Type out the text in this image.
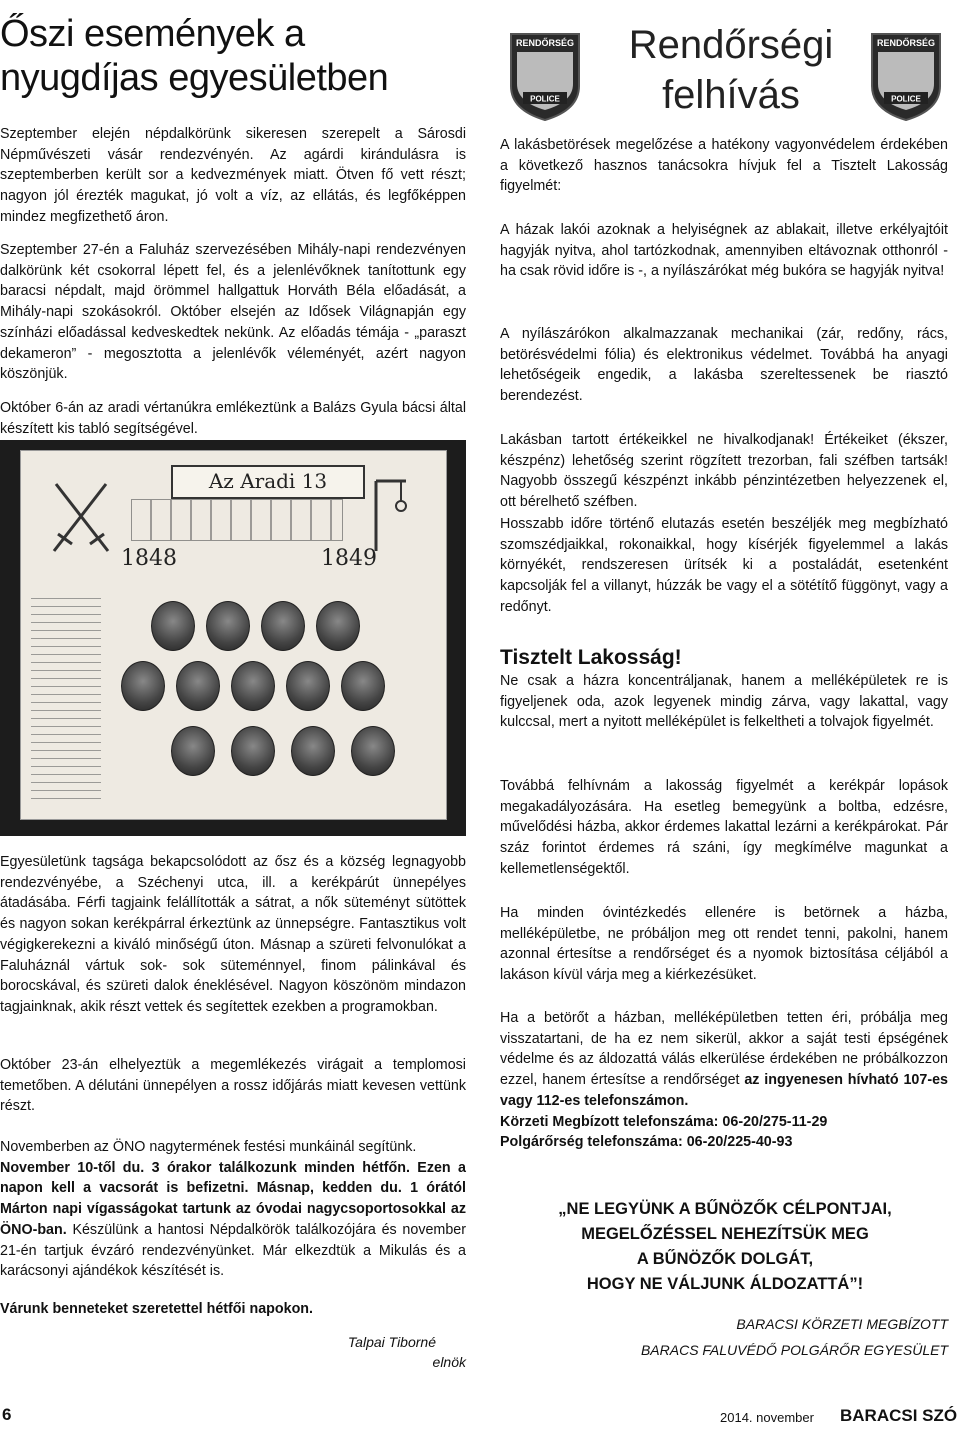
Őszi események a nyugdíjas egyesületben

Szeptember elején népdalkörünk sikeresen szerepelt a Sárosdi Népművészeti vásár rendezvényén. Az agárdi kirándulásra is szeptemberben került sor a kedvezmények miatt. Ötven fő vett részt; nagyon jól érezték magukat, jó volt a víz, az ellátás, és legfőképpen mindez megfizethető áron.

Szeptember 27-én a Faluház szervezésében Mihály-napi rendezvényen dalkörünk két csokorral lépett fel, és a jelenlévőknek tanítottunk egy baracsi népdalt, majd örömmel hallgattuk Horváth Béla előadását, a Mihály-napi szokásokról. Október elsején az Idősek Világnapján egy színházi előadással kedveskedtek nekünk. Az előadás témája - „paraszt dekameron” - megosztotta a jelenlévők véleményét, azért nagyon köszönjük.

Október 6-án az aradi vértanúkra emlékeztünk a Balázs Gyula bácsi által készített kis tabló segítségével.

Az Aradi 13
1848	1849

Egyesületünk tagsága bekapcsolódott az ősz és a község legnagyobb rendezvényébe, a Széchenyi utca, ill. a kerékpárút ünnepélyes átadásába. Férfi tagjaink felállították a sátrat, a nők süteményt sütöttek és nagyon sokan kerékpárral érkeztünk az ünnepségre. Fantasztikus volt végigkerekezni a kiváló minőségű úton. Másnap a szüreti felvonulókat a Faluháznál vártuk sok- sok süteménnyel, finom pálinkával és borocskával, és szüreti dalok éneklésével. Nagyon köszönöm mindazon tagjainknak, akik részt vettek és segítettek ezekben a programokban.

Október 23-án elhelyeztük a megemlékezés virágait a templomosi temetőben. A délutáni ünnepélyen a rossz időjárás miatt kevesen vettünk részt.

Novemberben az ÖNO nagytermének festési munkáinál segítünk.
November 10-től du. 3 órakor találkozunk minden hétfőn. Ezen a napon kell a vacsorát is befizetni. Másnap, kedden du. 1 órától Márton napi vígasságokat tartunk az óvodai nagycsoportosokkal az ÖNO-ban. Készülünk a hantosi Népdalkörök találkozójára és november 21-én tartjuk évzáró rendezvényünket. Már elkezdtük a Mikulás és a karácsonyi ajándékok készítését is.

Várunk benneteket szeretettel hétfői napokon.

Talpai Tiborné
elnök
RENDŐRSÉG
POLICE
RENDŐRSÉG
POLICE
Rendőrségi felhívás

A lakásbetörések megelőzése a hatékony vagyonvédelem érdekében a következő hasznos tanácsokra hívjuk fel a Tisztelt Lakosság figyelmét:

A házak lakói azoknak a helyiségnek az ablakait, illetve erkélyajtóit hagyják nyitva, ahol tartózkodnak, amennyiben eltávoznak otthonról - ha csak rövid időre is -, a nyílászárókat még bukóra se hagyják nyitva!

A nyílászárókon alkalmazzanak mechanikai (zár, redőny, rács, betörésvédelmi fólia) és elektronikus védelmet. Továbbá ha anyagi lehetőségeik engedik, a lakásba szereltessenek be riasztó berendezést.

Lakásban tartott értékeikkel ne hivalkodjanak! Értékeiket (ékszer, készpénz) lehetőség szerint rögzített trezorban, fali széfben tartsák! Nagyobb összegű készpénzt inkább pénzintézetben helyezzenek el, ott bérelhető széfben.

Hosszabb időre történő elutazás esetén beszéljék meg megbízható szomszédjaikkal, rokonaikkal, hogy kísérjék figyelemmel a lakás környékét, rendszeresen ürítsék ki a postaládát, esetenként kapcsolják fel a villanyt, húzzák be vagy el a sötétítő függönyt, vagy a redőnyt.

Tisztelt Lakosság!

Ne csak a házra koncentráljanak, hanem a melléképületek re is figyeljenek oda, azok legyenek mindig zárva, vagy lakattal, vagy kulccsal, mert a nyitott melléképület is felkeltheti a tolvajok figyelmét.

Továbbá felhívnám a lakosság figyelmét a kerékpár lopások megakadályozására. Ha esetleg bemegyünk a boltba, edzésre, művelődési házba, akkor érdemes lakattal lezárni a kerékpárokat. Pár száz forintot érdemes rá száni, így megkímélve magunkat a kellemetlenségektől.

Ha minden óvintézkedés ellenére is betörnek a házba, melléképületbe, ne próbáljon meg ott rendet tenni, pakolni, hanem azonnal értesítse a rendőrséget és a nyomok biztosítása céljából a lakáson kívül várja meg a kiérkezésüket.

Ha a betörőt a házban, melléképületben tetten éri, próbálja meg visszatartani, de ha ez nem sikerül, akkor a saját testi épségének védelme és az áldozattá válás elkerülése érdekében ne próbálkozzon ezzel, hanem értesítse a rendőrséget az ingyenesen hívható 107-es vagy 112-es telefonszámon.
Körzeti Megbízott telefonszáma: 06-20/275-11-29
Polgárőrség telefonszáma: 06-20/225-40-93

„NE LEGYÜNK A BŰNÖZŐK CÉLPONTJAI,
MEGELŐZÉSSEL NEHEZÍTSÜK MEG
A BŰNÖZŐK DOLGÁT,
HOGY NE VÁLJUNK ÁLDOZATTÁ”!
BARACSI KÖRZETI MEGBÍZOTT
BARACS FALUVÉDŐ POLGÁRŐR EGYESÜLET
6	2014. november BARACSI SZÓ
